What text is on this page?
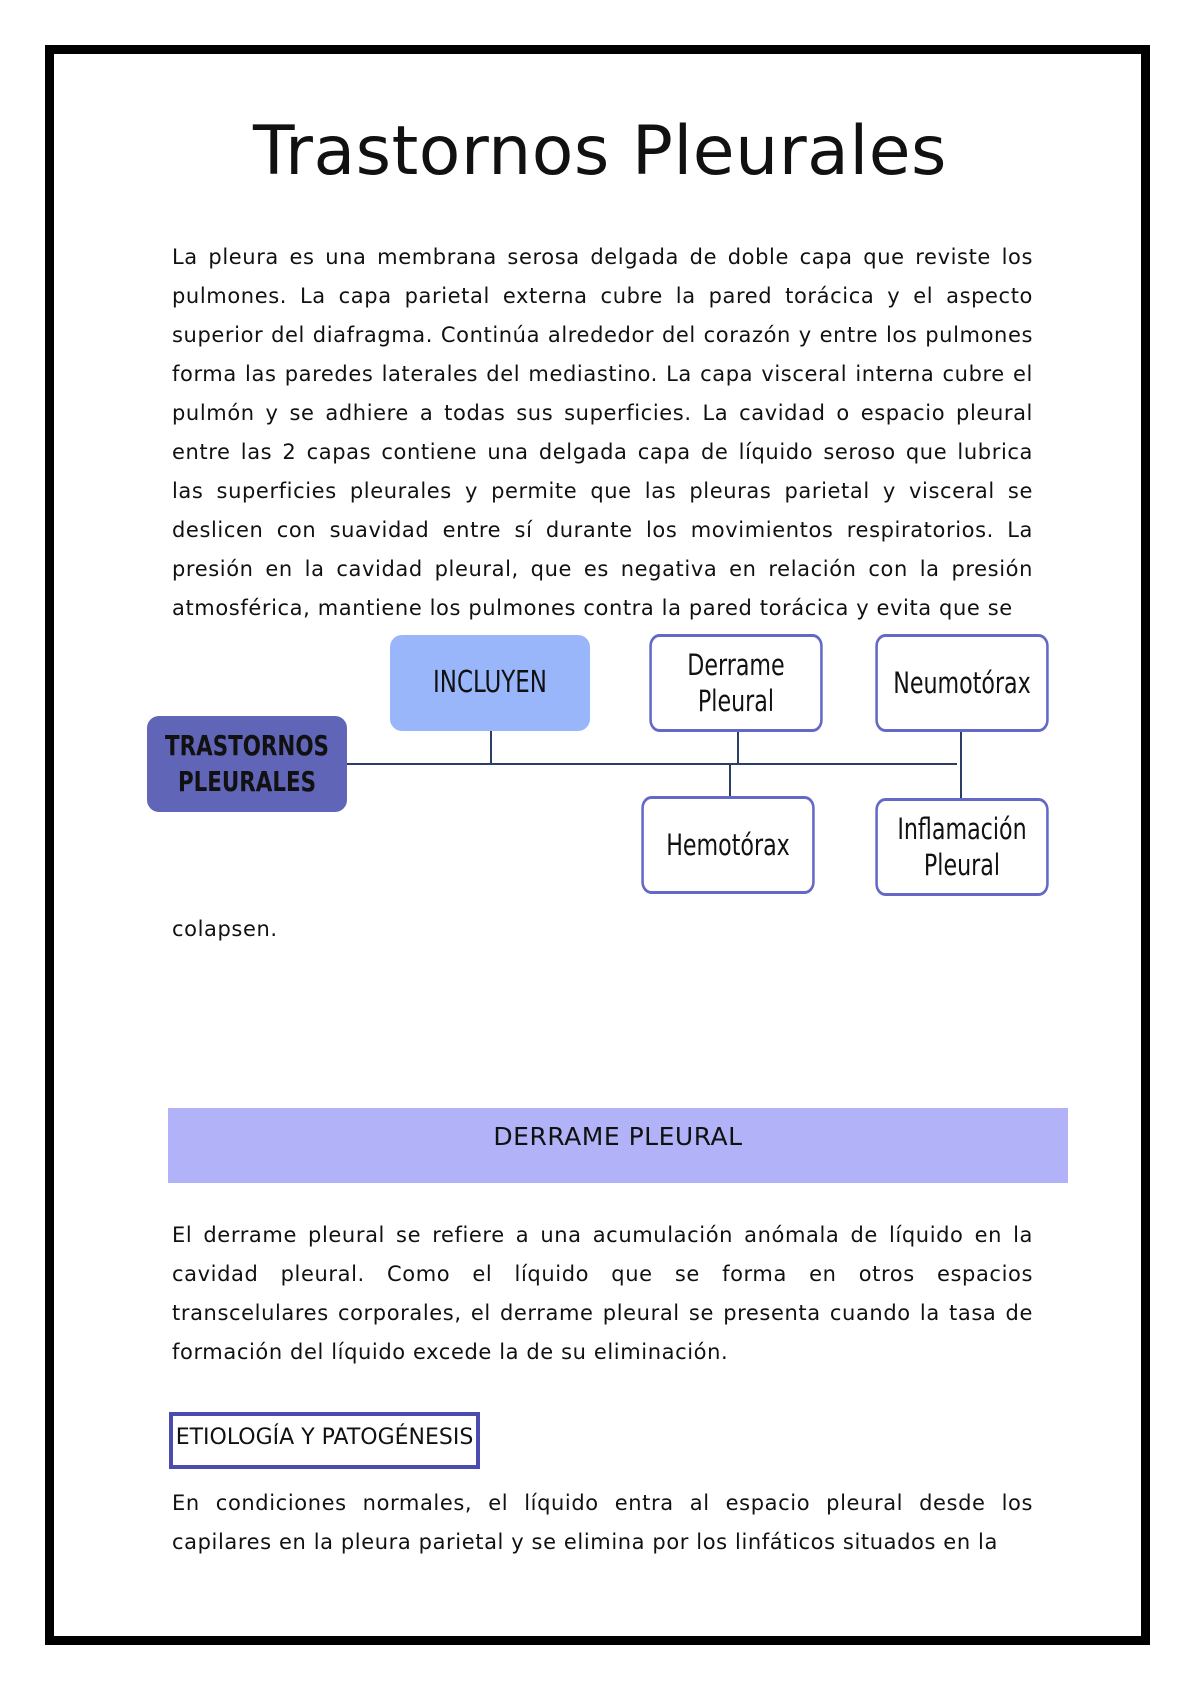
Trastornos Pleurales

La pleura es una membrana serosa delgada de doble capa que reviste los pulmones. La capa parietal externa cubre la pared torácica y el aspecto superior del diafragma. Continúa alrededor del corazón y entre los pulmones forma las paredes laterales del mediastino. La capa visceral interna cubre el pulmón y se adhiere a todas sus superficies. La cavidad o espacio pleural entre las 2 capas contiene una delgada capa de líquido seroso que lubrica las superficies pleurales y permite que las pleuras parietal y visceral se deslicen con suavidad entre sí durante los movimientos respiratorios. La presión en la cavidad pleural, que es negativa en relación con la presión atmosférica, mantiene los pulmones contra la pared torácica y evita que se

TRASTORNOS PLEURALES
INCLUYEN	Derrame Pleural
Neumotórax
Hemotórax	Inflamación Pleural

colapsen.

DERRAME PLEURAL

El derrame pleural se refiere a una acumulación anómala de líquido en la cavidad pleural. Como el líquido que se forma en otros espacios transcelulares corporales, el derrame pleural se presenta cuando la tasa de formación del líquido excede la de su eliminación.

ETIOLOGÍA Y PATOGÉNESIS

En condiciones normales, el líquido entra al espacio pleural desde los capilares en la pleura parietal y se elimina por los linfáticos situados en la
